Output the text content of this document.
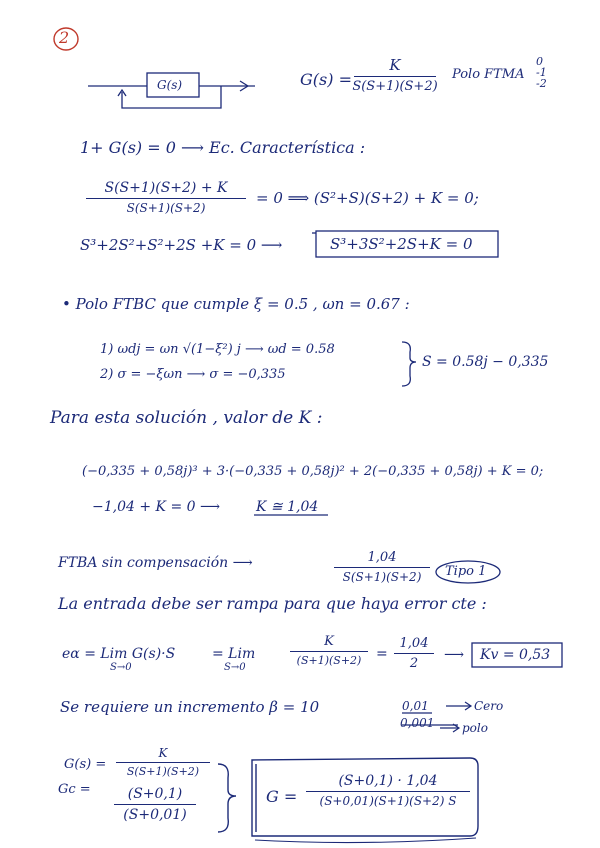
2
G(s)	G(s) =
K
S(S+1)(S+2)
Polo FTMA
0
-1
-2
1+ G(s) = 0 ⟶ Ec. Característica :
S(S+1)(S+2) + K
S(S+1)(S+2)
= 0 ⟹ (S²+S)(S+2) + K = 0;
S³+2S²+S²+2S +K = 0 ⟶	S³+3S²+2S+K = 0
• Polo FTBC que cumple ξ = 0.5 , ωn = 0.67 :
1) ωdj = ωn √(1−ξ²) j ⟶ ωd = 0.58
2) σ = −ξωn ⟶ σ = −0,335
S = 0.58j − 0,335
Para esta solución , valor de K :
(−0,335 + 0,58j)³ + 3·(−0,335 + 0,58j)² + 2(−0,335 + 0,58j) + K = 0;
−1,04 + K = 0 ⟶	K ≅ 1,04
FTBA sin compensación ⟶	1,04
S(S+1)(S+2) Tipo 1
La entrada debe ser rampa para que haya error cte :
eα = Lim G(s)·S
S→0
= Lim
S→0
K
(S+1)(S+2) =
1,04
2
⟶ Kv = 0,53
Se requiere un incremento β = 10	0,01	Cero
0,001 polo
G(s) =
K
S(S+1)(S+2)
Gc =	(S+0,1)
(S+0,01)
G =
(S+0,1) · 1,04
(S+0,01)(S+1)(S+2) S
